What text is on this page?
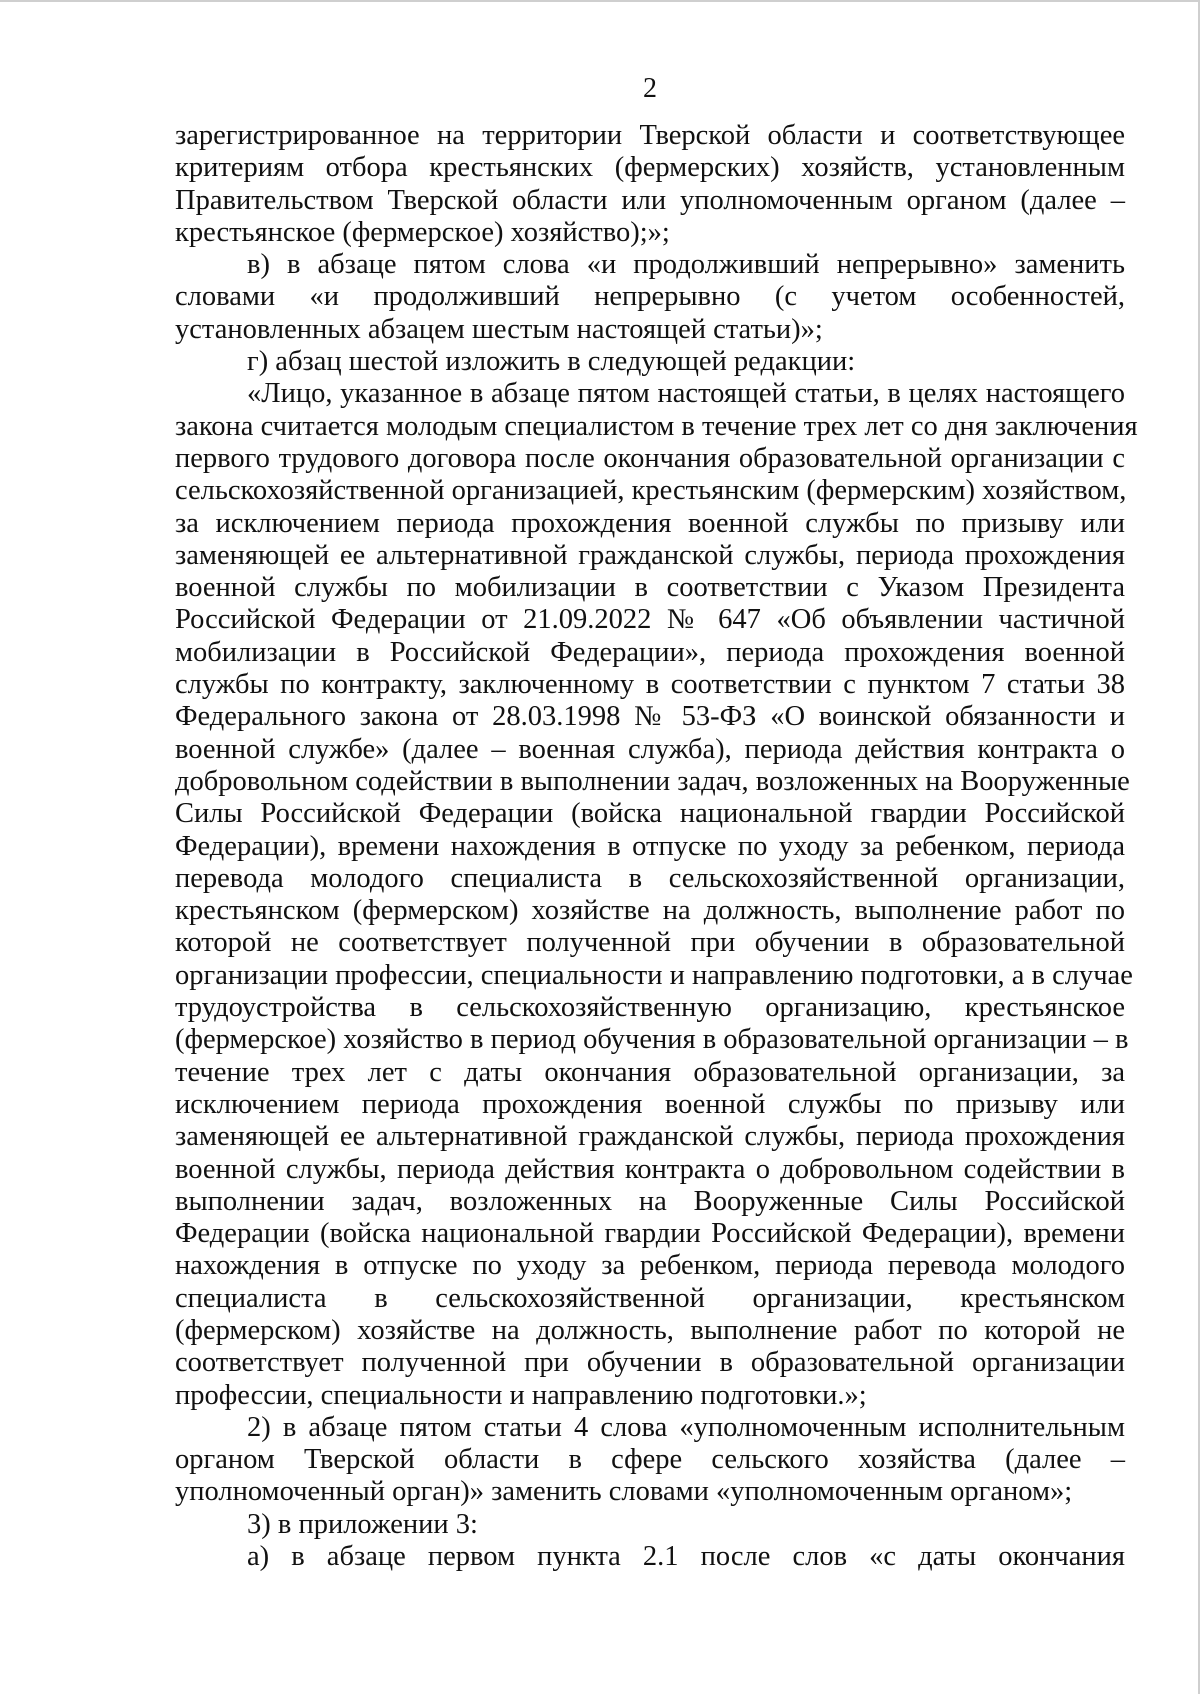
2
зарегистрированное на территории Тверской области и соответствующее
критериям отбора крестьянских (фермерских) хозяйств, установленным
Правительством Тверской области или уполномоченным органом (далее –
крестьянское (фермерское) хозяйство);»;
в) в абзаце пятом слова «и продолживший непрерывно» заменить
словами «и продолживший непрерывно (с учетом особенностей,
установленных абзацем шестым настоящей статьи)»;
г) абзац шестой изложить в следующей редакции:
«Лицо, указанное в абзаце пятом настоящей статьи, в целях настоящего
закона считается молодым специалистом в течение трех лет со дня заключения
первого трудового договора после окончания образовательной организации с
сельскохозяйственной организацией, крестьянским (фермерским) хозяйством,
за исключением периода прохождения военной службы по призыву или
заменяющей ее альтернативной гражданской службы, периода прохождения
военной службы по мобилизации в соответствии с Указом Президента
Российской Федерации от 21.09.2022 № 647 «Об объявлении частичной
мобилизации в Российской Федерации», периода прохождения военной
службы по контракту, заключенному в соответствии с пунктом 7 статьи 38
Федерального закона от 28.03.1998 № 53-ФЗ «О воинской обязанности и
военной службе» (далее – военная служба), периода действия контракта о
добровольном содействии в выполнении задач, возложенных на Вооруженные
Силы Российской Федерации (войска национальной гвардии Российской
Федерации), времени нахождения в отпуске по уходу за ребенком, периода
перевода молодого специалиста в сельскохозяйственной организации,
крестьянском (фермерском) хозяйстве на должность, выполнение работ по
которой не соответствует полученной при обучении в образовательной
организации профессии, специальности и направлению подготовки, а в случае
трудоустройства в сельскохозяйственную организацию, крестьянское
(фермерское) хозяйство в период обучения в образовательной организации – в
течение трех лет с даты окончания образовательной организации, за
исключением периода прохождения военной службы по призыву или
заменяющей ее альтернативной гражданской службы, периода прохождения
военной службы, периода действия контракта о добровольном содействии в
выполнении задач, возложенных на Вооруженные Силы Российской
Федерации (войска национальной гвардии Российской Федерации), времени
нахождения в отпуске по уходу за ребенком, периода перевода молодого
специалиста в сельскохозяйственной организации, крестьянском
(фермерском) хозяйстве на должность, выполнение работ по которой не
соответствует полученной при обучении в образовательной организации
профессии, специальности и направлению подготовки.»;
2) в абзаце пятом статьи 4 слова «уполномоченным исполнительным
органом Тверской области в сфере сельского хозяйства (далее –
уполномоченный орган)» заменить словами «уполномоченным органом»;
3) в приложении 3:
а) в абзаце первом пункта 2.1 после слов «с даты окончания
